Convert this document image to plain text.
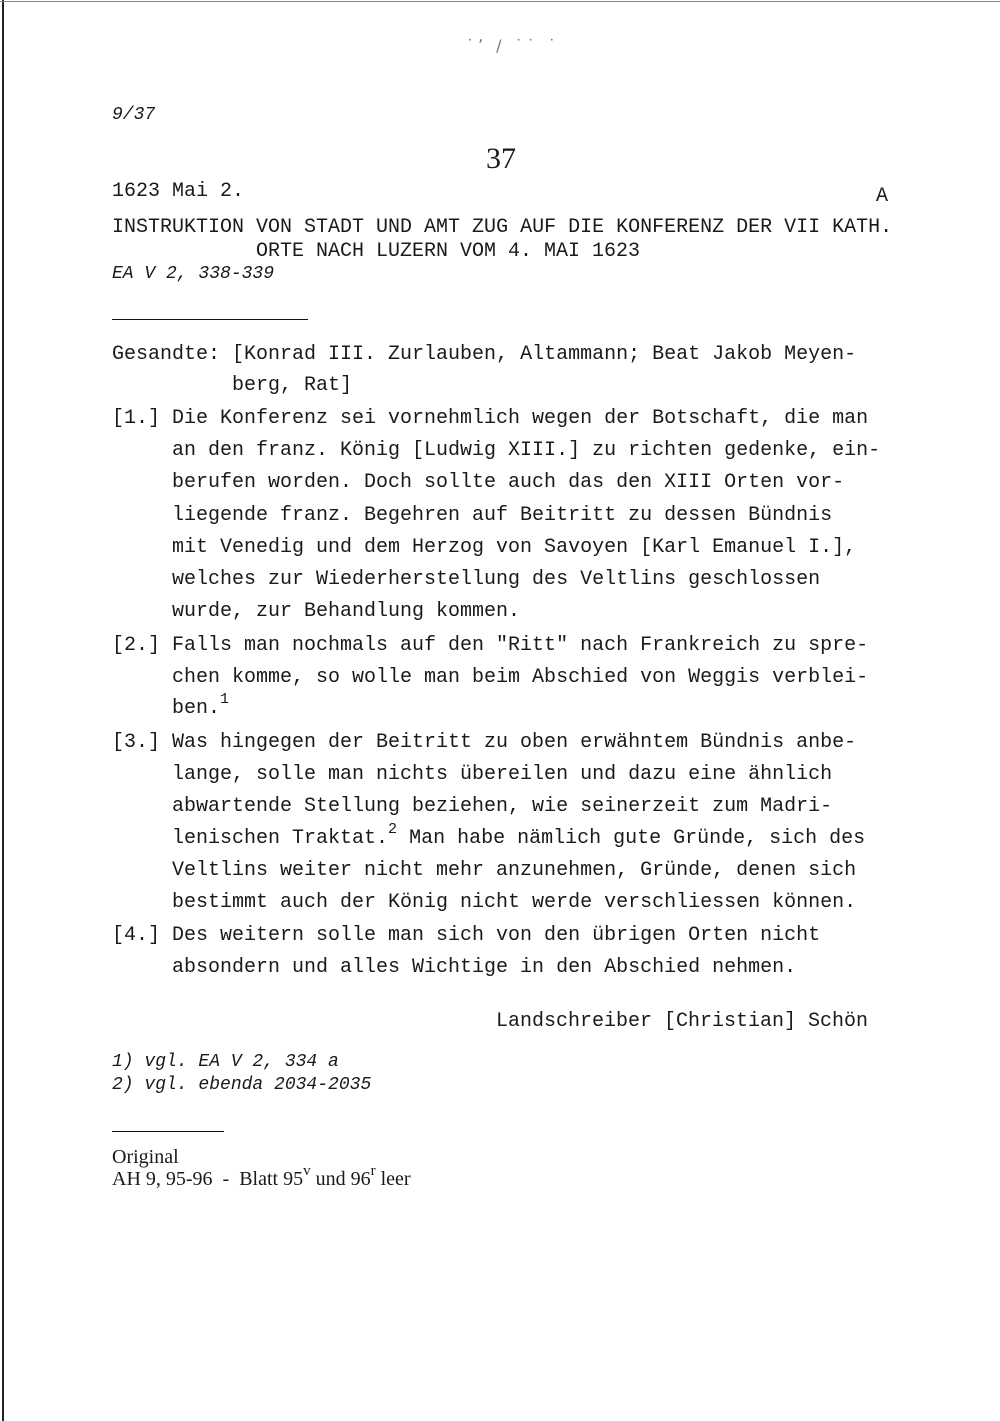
˙ʼ / ˙˙ ˙
9/37
37
1623 Mai 2.	A
INSTRUKTION VON STADT UND AMT ZUG AUF DIE KONFERENZ DER VII KATH.
ORTE NACH LUZERN VOM 4. MAI 1623
EA V 2, 338-339
Gesandte: [Konrad III. Zurlauben, Altammann; Beat Jakob Meyen-
berg, Rat]
[1.] Die Konferenz sei vornehmlich wegen der Botschaft, die man
an den franz. König [Ludwig XIII.] zu richten gedenke, ein-
berufen worden. Doch sollte auch das den XIII Orten vor-
liegende franz. Begehren auf Beitritt zu dessen Bündnis
mit Venedig und dem Herzog von Savoyen [Karl Emanuel I.],
welches zur Wiederherstellung des Veltlins geschlossen
wurde, zur Behandlung kommen.
[2.] Falls man nochmals auf den "Ritt" nach Frankreich zu spre-
chen komme, so wolle man beim Abschied von Weggis verblei-
ben.$^1$
[3.] Was hingegen der Beitritt zu oben erwähntem Bündnis anbe-
lange, solle man nichts übereilen und dazu eine ähnlich
abwartende Stellung beziehen, wie seinerzeit zum Madri-
lenischen Traktat.$^2$ Man habe nämlich gute Gründe, sich des
Veltlins weiter nicht mehr anzunehmen, Gründe, denen sich
bestimmt auch der König nicht werde verschliessen können.
[4.] Des weitern solle man sich von den übrigen Orten nicht
absondern und alles Wichtige in den Abschied nehmen.
Landschreiber [Christian] Schön
1) vgl. EA V 2, 334 a
2) vgl. ebenda 2034-2035
Original
AH 9, 95-96  -  Blatt 95$^v$ und 96$^r$ leer
